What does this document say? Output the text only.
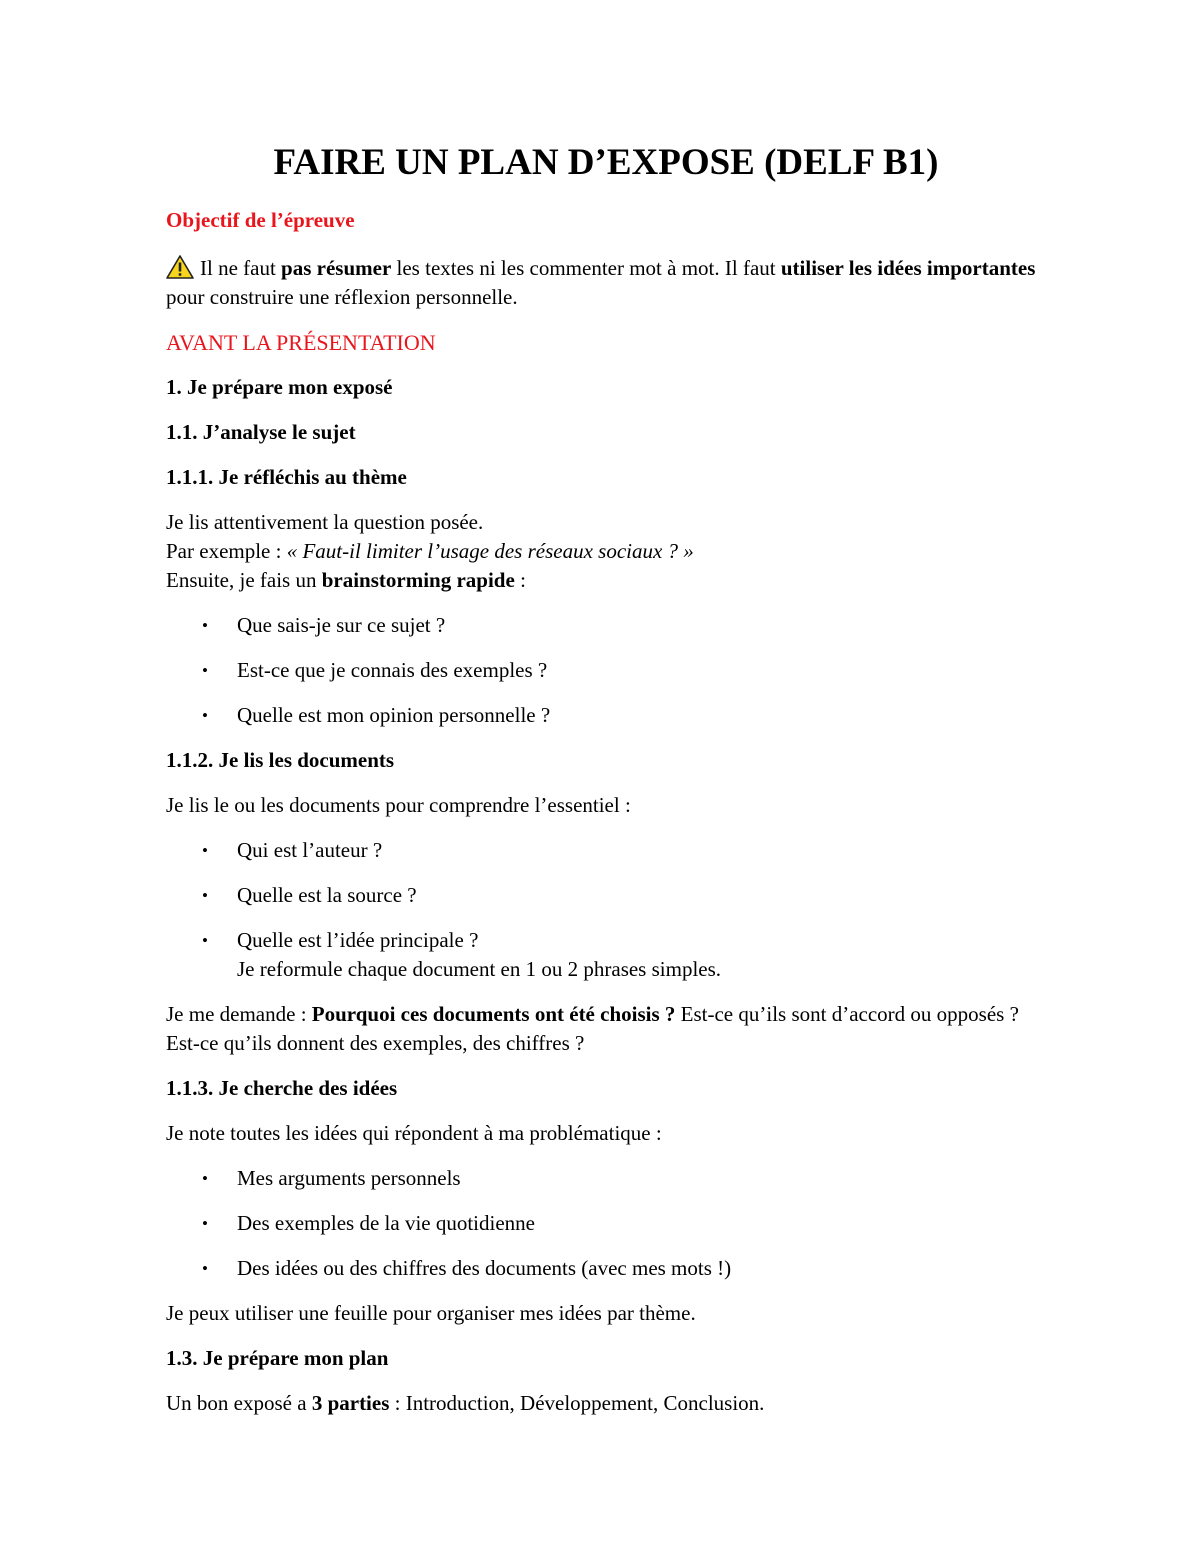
FAIRE UN PLAN D’EXPOSE (DELF B1)

Objectif de l’épreuve

Il ne faut pas résumer les textes ni les commenter mot à mot. Il faut utiliser les idées importantes pour construire une réflexion personnelle.

AVANT LA PRÉSENTATION

1. Je prépare mon exposé

1.1. J’analyse le sujet

1.1.1. Je réfléchis au thème

Je lis attentivement la question posée.
Par exemple : « Faut-il limiter l’usage des réseaux sociaux ? »
Ensuite, je fais un brainstorming rapide :

• Que sais-je sur ce sujet ?
• Est-ce que je connais des exemples ?
• Quelle est mon opinion personnelle ?

1.1.2. Je lis les documents

Je lis le ou les documents pour comprendre l’essentiel :

• Qui est l’auteur ?
• Quelle est la source ?
• Quelle est l’idée principale ?
Je reformule chaque document en 1 ou 2 phrases simples.

Je me demande : Pourquoi ces documents ont été choisis ? Est-ce qu’ils sont d’accord ou opposés ? Est-ce qu’ils donnent des exemples, des chiffres ?

1.1.3. Je cherche des idées

Je note toutes les idées qui répondent à ma problématique :

• Mes arguments personnels
• Des exemples de la vie quotidienne
• Des idées ou des chiffres des documents (avec mes mots !)

Je peux utiliser une feuille pour organiser mes idées par thème.

1.3. Je prépare mon plan

Un bon exposé a 3 parties : Introduction, Développement, Conclusion.
